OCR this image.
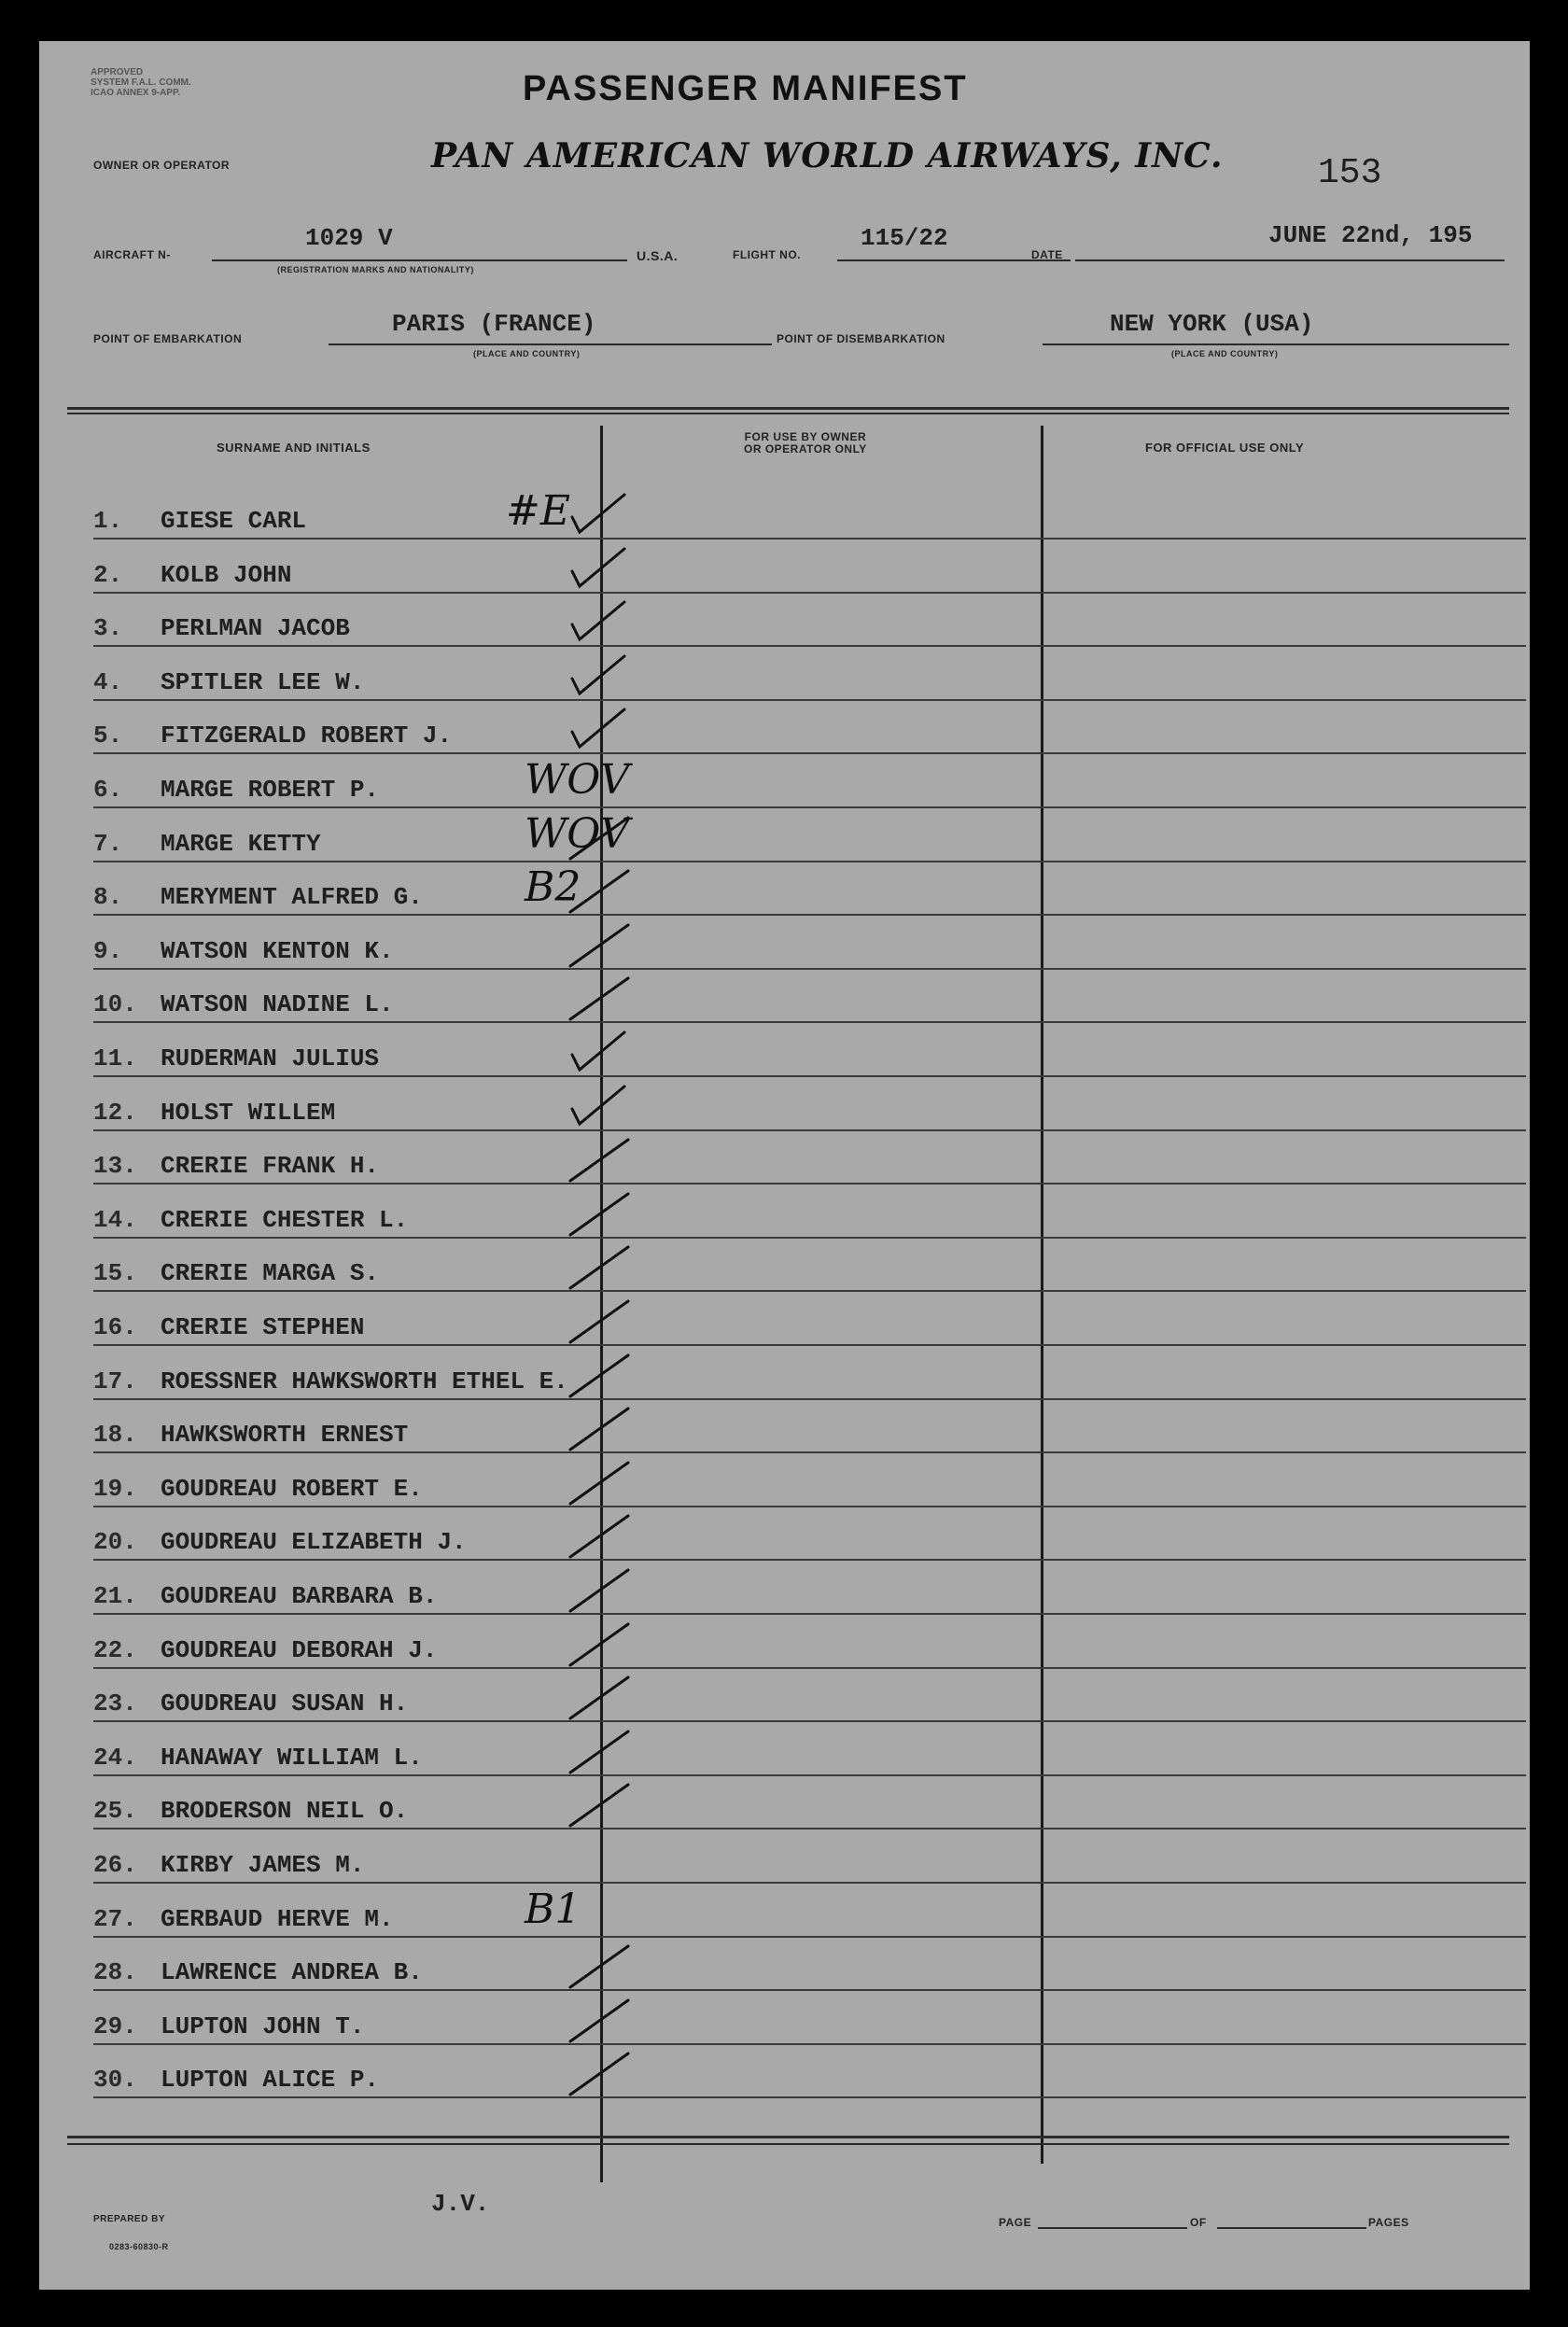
APPROVED
SYSTEM F.A.L. COMM.
ICAO ANNEX 9-APP.	PASSENGER MANIFEST
PAN AMERICAN WORLD AIRWAYS, INC.	153
OWNER OR OPERATOR
AIRCRAFT N-
1029 V
(REGISTRATION MARKS AND NATIONALITY)
U.S.A.	FLIGHT NO.
115/22
DATE
JUNE 22nd, 195
POINT OF EMBARKATION
PARIS (FRANCE)
(PLACE AND COUNTRY)
POINT OF DISEMBARKATION
NEW YORK (USA)
(PLACE AND COUNTRY)
SURNAME AND INITIALS
FOR USE BY OWNER
OR OPERATOR ONLY	FOR OFFICIAL USE ONLY
1. GIESE CARL	#E
2. KOLB JOHN
3. PERLMAN JACOB
4. SPITLER LEE W.
5. FITZGERALD ROBERT J.
6. MARGE ROBERT P.	WOV
7. MARGE KETTY	WOV
8. MERYMENT ALFRED G. B2
9. WATSON KENTON K.
10. WATSON NADINE L.
11. RUDERMAN JULIUS
12. HOLST WILLEM
13. CRERIE FRANK H.
14. CRERIE CHESTER L.
15. CRERIE MARGA S.
16. CRERIE STEPHEN
17. ROESSNER HAWKSWORTH ETHEL E.
18. HAWKSWORTH ERNEST
19. GOUDREAU ROBERT E.
20. GOUDREAU ELIZABETH J.
21. GOUDREAU BARBARA B.
22. GOUDREAU DEBORAH J.
23. GOUDREAU SUSAN H.
24. HANAWAY WILLIAM L.
25. BRODERSON NEIL O.
26. KIRBY JAMES M.
27. GERBAUD HERVE M.	B1
28. LAWRENCE ANDREA B.
29. LUPTON JOHN T.
30. LUPTON ALICE P.
PREPARED BY
J.V.
PAGE	OF	PAGES
0283-60830-R
